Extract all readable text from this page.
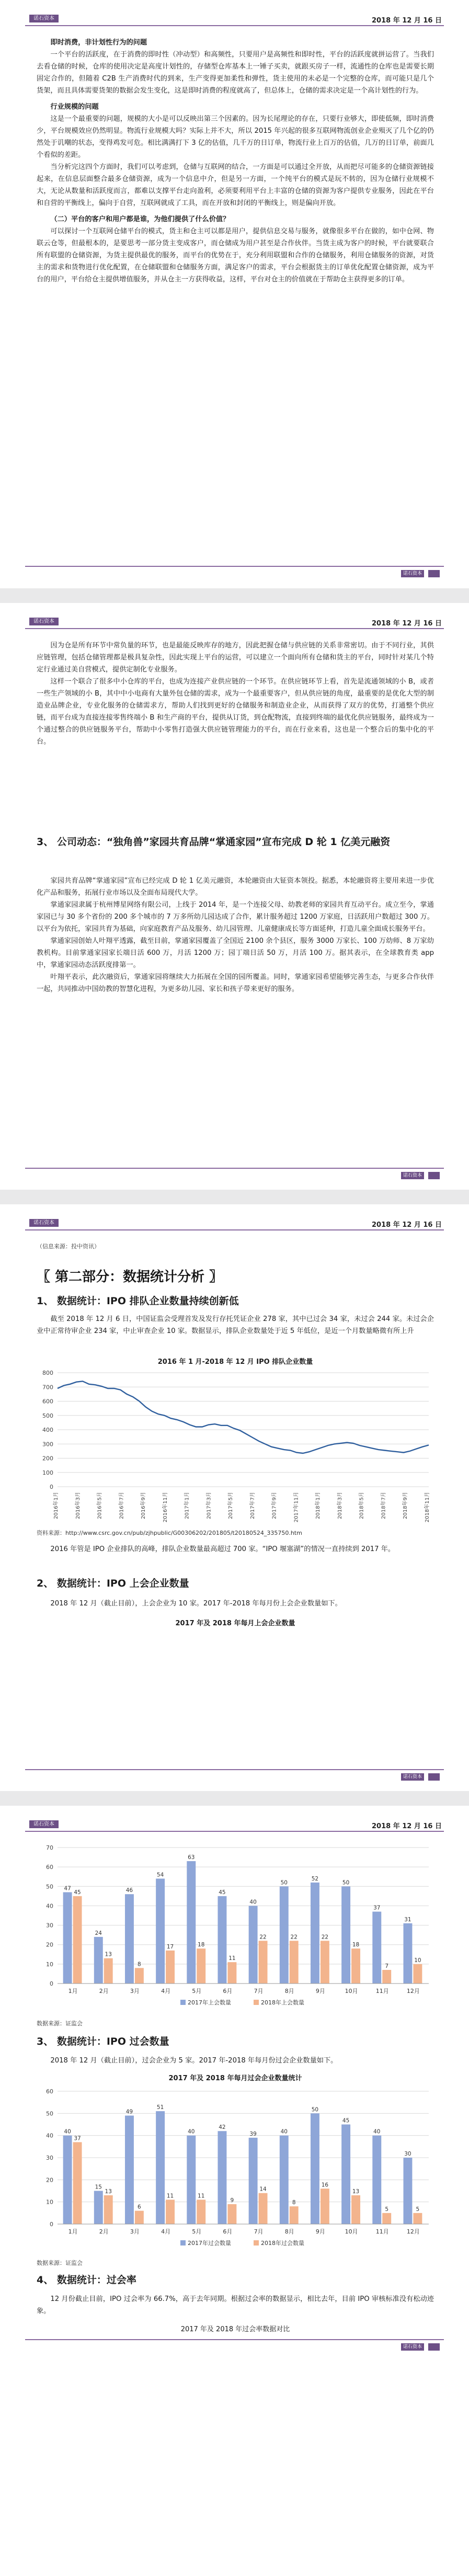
诺石资本	2018 年 12 月 16 日

即时消费，非计划性行为的问题

一个平台的活跃度，在于消费的即时性（冲动型）和高频性，只要用户是高频性和即时性，平台的活跃度就拼运营了。当我们去看仓储的时候，仓库的使用决定是高度计划性的，存储型仓库基本上一锤子买卖，就跟买房子一样，流通性的仓库也是需要长期固定合作的，但随着 C2B 生产消费时代的到来，生产变得更加柔性和弹性，货主使用的未必是一个完整的仓库，而可能只是几个货架，而且具体需要货架的数据会发生变化，这是即时消费的程度就高了，但总体上，仓储的需求决定是一个高计划性的行为。

行业规模的问题

这是一个最重要的问题，规模的大小是可以反映出第三个因素的。因为长尾理论的存在，只要行业够大，即使低频，即时消费少，平台规模效应仍然明显。物流行业规模大吗？实际上并不大，所以 2015 年兴起的很多互联网物流创业企业殒灭了几个亿的仍然处于讥嘲的状态，变得鸡发可危。相比满满打下 3 亿的估值，几千万的日订单，物流行业上百万的估值，几万的日订单，前面几个看似的差距。

当分析完这四个方面时，我们可以考虑到，仓储与互联网的结合，一方面是可以通过全开放，从而把尽可能多的仓储资源链接起来，在信息层面整合最多仓储资源，成为一个信息中介，但是另一方面，一个纯平台的模式是玩不转的，因为仓储行业规模不大，无论从数量和活跃度而言，都难以支撑平台走向盈利，必须要利用平台上丰富的仓储的资源为客户提供专业服务，因此在平台和自营的平衡线上，偏向于自营，互联网就成了工具，而在开放和封闭的平衡线上，则是偏向开放。

（二）平台的客户和用户都是谁，为他们提供了什么价值？

可以探讨一个互联网仓储平台的模式，货主和仓主可以都是用户，提供信息交易与服务，就像很多平台在做的，如中仓网、物联云仓等，但最根本的，是要思考一部分货主变成客户，而仓储成为用户甚至是合作伙伴。当货主成为客户的时候，平台就要联合所有联盟的仓储资源，为货主提供最优的服务，而平台的优势在于，充分利用联盟和合作的仓储服务，利用仓储服务的资源，对货主的需求和货物进行优化配置，在仓储联盟和仓储服务方面，满足客户的需求，平台会根据货主的订单优化配置仓储资源，成为平台的用户，平台给仓主提供增值服务，并从仓主一方获得收益，这样，平台对仓主的价值就在于帮助仓主获得更多的订单。

诺石资本
诺石资本	2018 年 12 月 16 日

因为仓是所有环节中常负量的环节，也是最能反映库存的地方，因此把握仓储与供应链的关系非常密切。由于不同行业，其供应链管理，包括仓储管理都是极具复杂性，因此实现上平台的运营，可以建立一个面向所有仓储和货主的平台，同时针对某几个特定行业通过美自营模式，提供定制化专业服务。

这样一个联合了很多中小仓库的平台，也成为连接产业供应链的一个环节。在供应链环节上看，首先是流通领域的小 B，或者一些生产领域的小 B，其中中小电商有大量外包仓储的需求，成为一个最重要客户，但从供应链的角度，最重要的是优化大型的制造业品牌企业，专业化服务的仓储需求方，帮助人们找到更好的仓储服务和制造业企业，从而获得了双方的优势，打通整个供应链，而平台成为直接连接零售终端小 B 和生产商的平台，提供从订货，到仓配物流，直接到终端的最优化供应链服务，最终成为一个通过整合的供应链服务平台，帮助中小零售打造强大供应链管理能力的平台，而在行业来看，这也是一个整合后的集中化的平台。

3、 公司动态：“独角兽”家园共育品牌“掌通家园”宣布完成 D 轮 1 亿美元融资

家园共育品牌“掌通家园”宣布已经完成 D 轮 1 亿美元融资，本轮融资由大钲资本领投。据悉，本轮融资将主要用来进一步优化产品和服务，拓展行业市场以及全面布局现代大学。

掌通家园隶属于杭州博星网络有限公司，上线于 2014 年，是一个连接父母、幼教老师的家园共育互动平台。成立至今，掌通家园已与 30 多个省份的 200 多个城市的 7 万多所幼儿园达成了合作，累计服务超过 1200 万家庭，日活跃用户数超过 300 万。以平台为依托，家园共育为基础，向家庭教育产品及服务、幼儿园管理、儿童健康成长等方面延伸，打造儿童全面成长服务平台。

掌通家园创始人叶翔平透露，截至目前，掌通家园覆盖了全国近 2100 余个县区，服务 3000 万家长、100 万幼师、8 万家幼教机构。目前掌通家园家长端日活 600 万，月活 1200 万；园丁端日活 50 万，月活 100 万。据其表示，在全球教育类 app 中，掌通家园动态活跃度排第一。

叶翔平表示，此次融资后，掌通家园将继续大力拓展在全国的园所覆盖。同时，掌通家园希望能够完善生态，与更多合作伙伴一起，共同推动中国幼教的智慧化进程，为更多幼儿园、家长和孩子带来更好的服务。

诺石资本
诺石资本	2018 年 12 月 16 日
（信息来源：投中资讯）
〖 第二部分：数据统计分析 〗
1、 数据统计：IPO 排队企业数量持续创新低

截至 2018 年 12 月 6 日，中国证监会受理首发及发行存托凭证企业 278 家，其中已过会 34 家，未过会 244 家。未过会企业中正常待审企业 234 家，中止审查企业 10 家。数据显示，排队企业数量处于近 5 年低位，是近一个月数量略微有所上升

2016 年 1 月-2018 年 12 月 IPO 排队企业数量
0
100
200
300
400
500
600
700
800
2016年1月	2016年3月	2016年5月	2016年7月	2016年9月	2016年11月	2017年1月	2017年3月	2017年5月	2017年7月	2017年9月	2017年11月	2018年1月	2018年3月	2018年5月	2018年7月	2018年9月	2018年11月
资料来源：http://www.csrc.gov.cn/pub/zjhpublic/G00306202/201805/t20180524_335750.htm

2016 年管是 IPO 企业排队的高峰，排队企业数量最高超过 700 家。“IPO 堰塞湖”的情况一直持续到 2017 年。

2、 数据统计：IPO 上会企业数量

2018 年 12 月（截止目前），上会企业为 10 家。2017 年-2018 年每月份上会企业数量如下。

2017 年及 2018 年每月上会企业数量
诺石资本
诺石资本	2018 年 12 月 16 日
0
10
20
30
40
50
60
70
47
45
1月
24
13
2月
46
8
3月
54
17
4月
63
18
5月
45
11
6月
40
22
7月
50
22
8月
52
22
9月
50
18
10月
37
7
11月
31
10
12月
2017年上会数量	2018年上会数量
数据来源：证监会
3、 数据统计：IPO 过会数量

2018 年 12 月（截止目前），过会企业为 5 家。2017 年-2018 年每月份过会企业数量如下。

2017 年及 2018 年每月过会企业数量统计
0
10
20
30
40
50
60
40
37
1月
15
13
2月
49
6
3月
51
11
4月
40
11
5月
42
9
6月
39
14
7月
40
8
8月
50
16
9月
45
13
10月
40
5
11月
30
5
12月
2017年过会数量	2018年过会数量
数据来源：证监会
4、 数据统计：过会率

12 月份截止目前，IPO 过会率为 66.7%，高于去年同期。根据过会率的数据显示，相比去年，目前 IPO 审核标准没有松动迹象。

2017 年及 2018 年过会率数据对比
诺石资本
